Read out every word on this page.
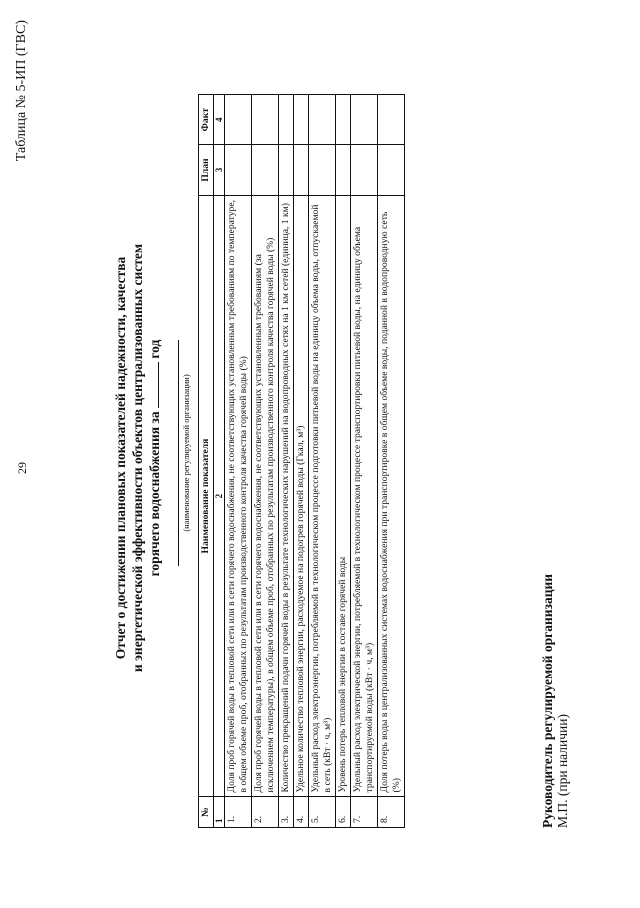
29
Таблица № 5-ИП (ГВС)
Отчет о достижении плановых показателей надежности, качества и энергетической эффективности объектов централизованных систем горячего водоснабжения за  год
(наименование регулируемой организации)
№	Наименование показателя	План	Факт
1	2	3	4
1.	Доля проб горячей воды в тепловой сети или в сети горячего водоснабжения, не соответствующих установленным требованиям по температуре, в общем объеме проб, отобранных по результатам производственного контроля качества горячей воды (%)		
2.	Доля проб горячей воды в тепловой сети или в сети горячего водоснабжения, не соответствующих установленным требованиям (за исключением температуры), в общем объеме проб, отобранных по результатам производственного контроля качества горячей воды (%)		
3.	Количество прекращений подачи горячей воды в результате технологических нарушений на водопроводных сетях на 1 км сетей (единица, 1 км)		
4.	Удельное количество тепловой энергии, расходуемое на подогрев горячей воды (Гкал, м³)		
5.	Удельный расход электроэнергии, потребляемой в технологическом процессе подготовки питьевой воды на единицу объема воды, отпускаемой в сеть (кВт · ч, м³)		
6.	Уровень потерь тепловой энергии в составе горячей воды		
7.	Удельный расход электрической энергии, потребляемой в технологическом процессе транспортировки питьевой воды, на единицу объема транспортируемой воды (кВт · ч, м³)		
8.	Доля потерь воды в централизованных системах водоснабжения при транспортировке в общем объеме воды, поданной в водопроводную сеть (%)			Руководитель регулируемой организации М.П. (при наличии)
